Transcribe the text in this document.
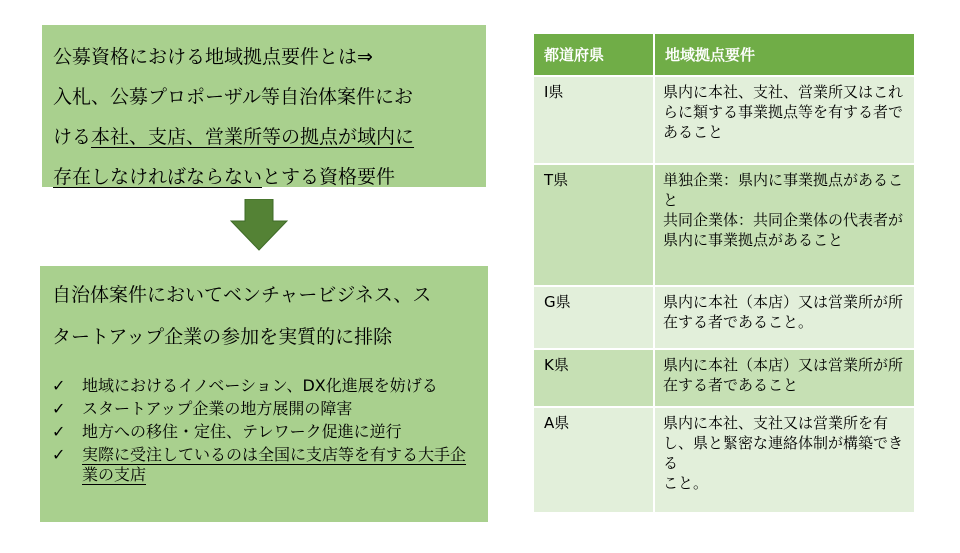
公募資格における地域拠点要件とは⇒
入札、公募プロポーザル等自治体案件にお
ける本社、支店、営業所等の拠点が域内に
存在しなければならないとする資格要件
自治体案件においてベンチャービジネス、ス
タートアップ企業の参加を実質的に排除
✓	地域におけるイノベーション、DX化進展を妨げる
✓	スタートアップ企業の地方展開の障害
✓	地方への移住・定住、テレワーク促進に逆行
✓	実際に受注しているのは全国に支店等を有する大手企業の支店
都道府県	地域拠点要件
I県	県内に本社、支社、営業所又はこれらに類する事業拠点等を有する者であること

T県	単独企業：県内に事業拠点があること
共同企業体：共同企業体の代表者が県内に事業拠点があること

G県	県内に本社（本店）又は営業所が所在する者であること。

K県	県内に本社（本店）又は営業所が所在する者であること

A県	県内に本社、支社又は営業所を有し、県と緊密な連絡体制が構築できる
こと。
